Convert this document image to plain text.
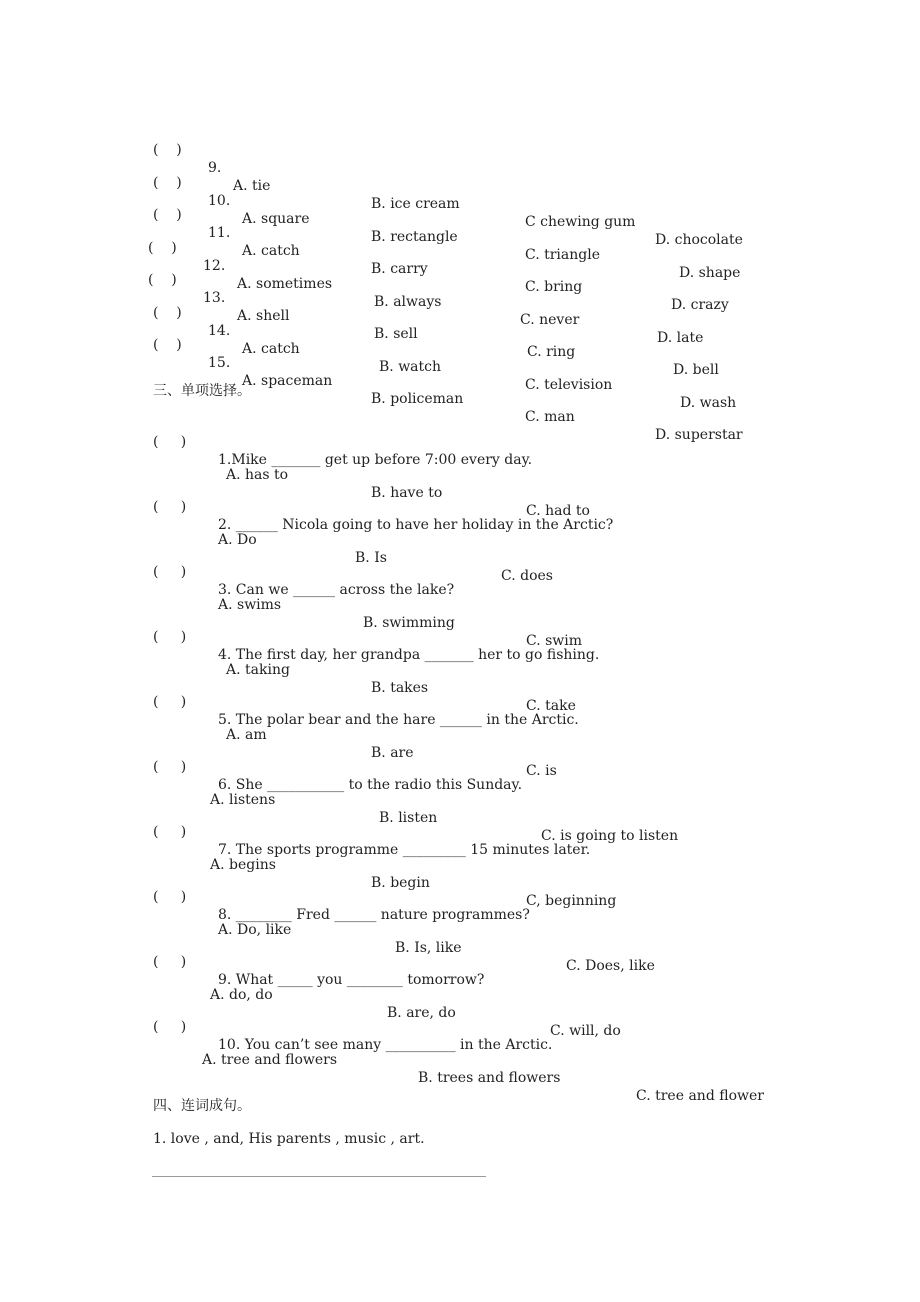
(    )

9.

A. tie

B. ice cream

C chewing gum

D. chocolate

(    )

10.

A. square

B. rectangle

C. triangle

D. shape

(    )

11.

A. catch

B. carry

C. bring

D. crazy

(    )

12.

A. sometimes

B. always

C. never

D. late

(    )

13.

A. shell

B. sell

C. ring

D. bell

(    )

14.

A. catch

B. watch

C. television

D. wash

(    )

15.

A. spaceman

B. policeman

C. man

D. superstar

三、单项选择。

(     )

1.Mike _______ get up before 7:00 every day.

A. has to

B. have to

C. had to

(     )

2. ______ Nicola going to have her holiday in the Arctic?

A. Do

B. Is

C. does

(     )

3. Can we ______ across the lake?

A. swims

B. swimming

C. swim

(     )

4. The first day, her grandpa _______ her to go fishing.

A. taking

B. takes

C. take

(     )

5. The polar bear and the hare ______ in the Arctic.

A. am

B. are

C. is

(     )

6. She ___________ to the radio this Sunday.

A. listens

B. listen

C. is going to listen

(     )

7. The sports programme _________ 15 minutes later.

A. begins

B. begin

C, beginning

(     )

8. ________ Fred ______ nature programmes?

A. Do, like

B. Is, like

C. Does, like

(     )

9. What _____ you ________ tomorrow?

A. do, do

B. are, do

C. will, do

(     )

10. You can’t see many __________ in the Arctic.

A. tree and flowers

B. trees and flowers

C. tree and flower

四、连词成句。
1. love , and, His parents , music , art.
